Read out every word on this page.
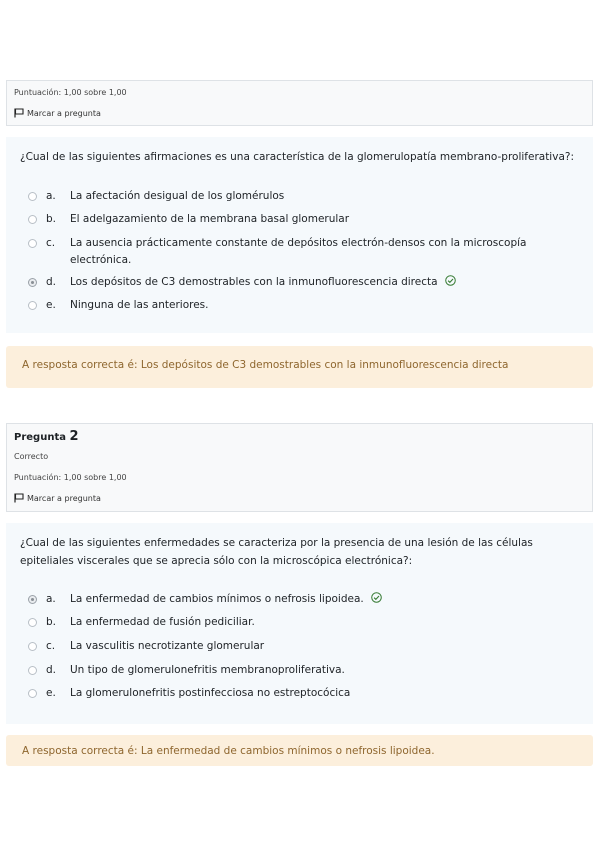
Puntuación: 1,00 sobre 1,00
Marcar a pregunta
¿Cual de las siguientes afirmaciones es una característica de la glomerulopatía membrano-proliferativa?:
a.	La afectación desigual de los glomérulos
b.	El adelgazamiento de la membrana basal glomerular
c.	La ausencia prácticamente constante de depósitos electrón-densos con la microscopía electrónica.
d.	Los depósitos de C3 demostrables con la inmunofluorescencia directa
e.	Ninguna de las anteriores.
A resposta correcta é: Los depósitos de C3 demostrables con la inmunofluorescencia directa
Pregunta 2
Correcto
Puntuación: 1,00 sobre 1,00
Marcar a pregunta
¿Cual de las siguientes enfermedades se caracteriza por la presencia de una lesión de las células epiteliales viscerales que se aprecia sólo con la microscópica electrónica?:
a.	La enfermedad de cambios mínimos o nefrosis lipoidea.
b.	La enfermedad de fusión pediciliar.
c.	La vasculitis necrotizante glomerular
d.	Un tipo de glomerulonefritis membranoproliferativa.
e.	La glomerulonefritis postinfecciosa no estreptocócica
A resposta correcta é: La enfermedad de cambios mínimos o nefrosis lipoidea.
